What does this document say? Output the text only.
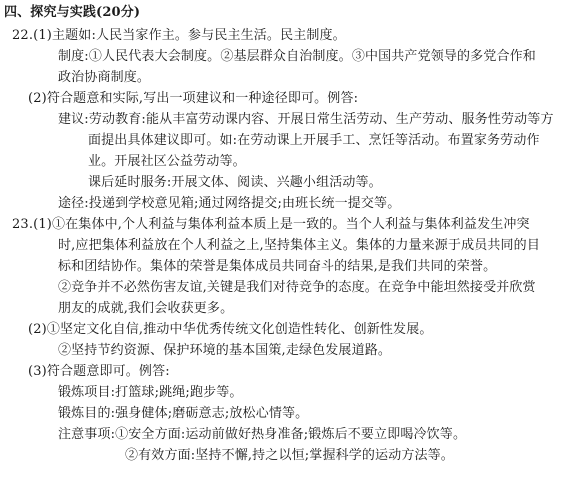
四、探究与实践(20分)
22.(1)主题如:人民当家作主。参与民主生活。民主制度。
制度:①人民代表大会制度。②基层群众自治制度。③中国共产党领导的多党合作和
政治协商制度。
(2)符合题意和实际,写出一项建议和一种途径即可。例答:
建议:劳动教育:能从丰富劳动课内容、开展日常生活劳动、生产劳动、服务性劳动等方
面提出具体建议即可。如:在劳动课上开展手工、烹饪等活动。布置家务劳动作
业。开展社区公益劳动等。
课后延时服务:开展文体、阅读、兴趣小组活动等。
途径:投递到学校意见箱;通过网络提交;由班长统一提交等。
23.(1)①在集体中,个人利益与集体利益本质上是一致的。当个人利益与集体利益发生冲突
时,应把集体利益放在个人利益之上,坚持集体主义。集体的力量来源于成员共同的目
标和团结协作。集体的荣誉是集体成员共同奋斗的结果,是我们共同的荣誉。
②竞争并不必然伤害友谊,关键是我们对待竞争的态度。在竞争中能坦然接受并欣赏
朋友的成就,我们会收获更多。
(2)①坚定文化自信,推动中华优秀传统文化创造性转化、创新性发展。
②坚持节约资源、保护环境的基本国策,走绿色发展道路。
(3)符合题意即可。例答:
锻炼项目:打篮球;跳绳;跑步等。
锻炼目的:强身健体;磨砺意志;放松心情等。
注意事项:①安全方面:运动前做好热身准备;锻炼后不要立即喝冷饮等。
②有效方面:坚持不懈,持之以恒;掌握科学的运动方法等。
